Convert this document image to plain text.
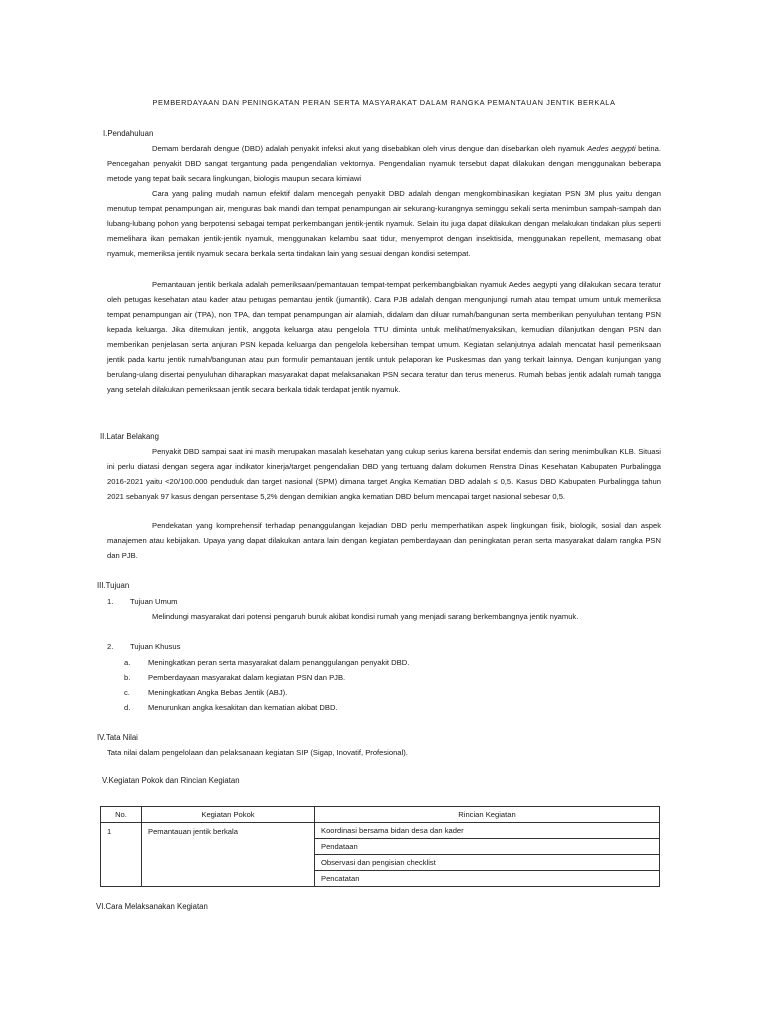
PEMBERDAYAAN DAN PENINGKATAN PERAN SERTA MASYARAKAT DALAM RANGKA PEMANTAUAN JENTIK BERKALA
I.Pendahuluan

Demam berdarah dengue (DBD) adalah penyakit infeksi akut yang disebabkan oleh virus dengue dan disebarkan oleh nyamuk Aedes aegypti betina. Pencegahan penyakit DBD sangat tergantung pada pengendalian vektornya. Pengendalian nyamuk tersebut dapat dilakukan dengan menggunakan beberapa metode yang tepat baik secara lingkungan, biologis maupun secara kimiawi

Cara yang paling mudah namun efektif dalam mencegah penyakit DBD adalah dengan mengkombinasikan kegiatan PSN 3M plus yaitu dengan menutup tempat penampungan air, menguras bak mandi dan tempat penampungan air sekurang-kurangnya seminggu sekali serta menimbun sampah-sampah dan lubang-lubang pohon yang berpotensi sebagai tempat perkembangan jentik-jentik nyamuk. Selain itu juga dapat dilakukan dengan melakukan tindakan plus seperti memelihara ikan pemakan jentik-jentik nyamuk, menggunakan kelambu saat tidur, menyemprot dengan insektisida, menggunakan repellent, memasang obat nyamuk, memeriksa jentik nyamuk secara berkala serta tindakan lain yang sesuai dengan kondisi setempat.

Pemantauan jentik berkala adalah pemeriksaan/pemantauan tempat-tempat perkembangbiakan nyamuk Aedes aegypti yang dilakukan secara teratur oleh petugas kesehatan atau kader atau petugas pemantau jentik (jumantik). Cara PJB adalah dengan mengunjungi rumah atau tempat umum untuk memeriksa tempat penampungan air (TPA), non TPA, dan tempat penampungan air alamiah, didalam dan diluar rumah/bangunan serta memberikan penyuluhan tentang PSN kepada keluarga. Jika ditemukan jentik, anggota keluarga atau pengelola TTU diminta untuk melihat/menyaksikan, kemudian dilanjutkan dengan PSN dan memberikan penjelasan serta anjuran PSN kepada keluarga dan pengelola kebersihan tempat umum. Kegiatan selanjutnya adalah mencatat hasil pemeriksaan jentik pada kartu jentik rumah/bangunan atau pun formulir pemantauan jentik untuk pelaporan ke Puskesmas dan yang terkait lainnya. Dengan kunjungan yang berulang-ulang disertai penyuluhan diharapkan masyarakat dapat melaksanakan PSN secara teratur dan terus menerus. Rumah bebas jentik adalah rumah tangga yang setelah dilakukan pemeriksaan jentik secara berkala tidak terdapat jentik nyamuk.

II.Latar Belakang

Penyakit DBD sampai saat ini masih merupakan masalah kesehatan yang cukup serius karena bersifat endemis dan sering menimbulkan KLB. Situasi ini perlu diatasi dengan segera agar indikator kinerja/target pengendalian DBD yang tertuang dalam dokumen Renstra Dinas Kesehatan Kabupaten Purbalingga 2016-2021 yaitu <20/100.000 penduduk dan target nasional (SPM) dimana target Angka Kematian DBD adalah ≤ 0,5. Kasus DBD Kabupaten Purbalingga tahun 2021 sebanyak 97 kasus dengan persentase 5,2% dengan demikian angka kematian DBD belum mencapai target nasional sebesar 0,5.

Pendekatan yang komprehensif terhadap penanggulangan kejadian DBD perlu memperhatikan aspek lingkungan fisik, biologik, sosial dan aspek manajemen atau kebijakan. Upaya yang dapat dilakukan antara lain dengan kegiatan pemberdayaan dan peningkatan peran serta masyarakat dalam rangka PSN dan PJB.

III.Tujuan
1. Tujuan Umum
Melindungi masyarakat dari potensi pengaruh buruk akibat kondisi rumah yang menjadi sarang berkembangnya jentik nyamuk.
2. Tujuan Khusus
a. Meningkatkan peran serta masyarakat dalam penanggulangan penyakit DBD.
b. Pemberdayaan masyarakat dalam kegiatan PSN dan PJB.
c. Meningkatkan Angka Bebas Jentik (ABJ).
d. Menurunkan angka kesakitan dan kematian akibat DBD.
IV.Tata Nilai
Tata nilai dalam pengelolaan dan pelaksanaan kegiatan SIP (Sigap, Inovatif, Profesional).
V.Kegiatan Pokok dan Rincian Kegiatan
No.	Kegiatan Pokok	Rincian Kegiatan
1	Pemantauan jentik berkala	Koordinasi bersama bidan desa dan kader
		Pendataan
		Observasi dan pengisian checklist
		Pencatatan
VI.Cara Melaksanakan Kegiatan
